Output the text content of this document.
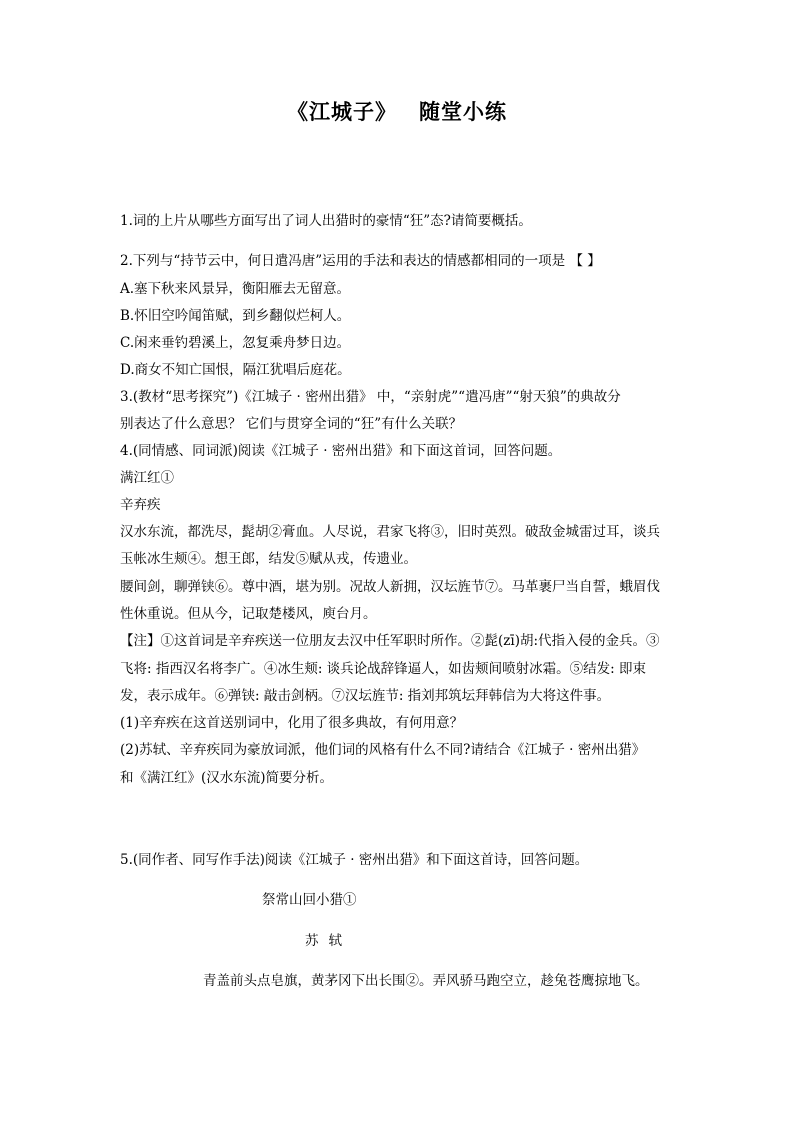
《江城子》 随堂小练
1.词的上片从哪些方面写出了词人出猎时的豪情“狂”态?请简要概括。
2.下列与“持节云中，何日遣冯唐”运用的手法和表达的情感都相同的一项是 【 】
A.塞下秋来风景异，衡阳雁去无留意。
B.怀旧空吟闻笛赋，到乡翻似烂柯人。
C.闲来垂钓碧溪上，忽复乘舟梦日边。
D.商女不知亡国恨，隔江犹唱后庭花。
3.(教材“思考探究”)《江城子 · 密州出猎》 中，“亲射虎”“遣冯唐”“射天狼”的典故分
别表达了什么意思？ 它们与贯穿全词的“狂”有什么关联？
4.(同情感、同词派)阅读《江城子 · 密州出猎》和下面这首词，回答问题。
满江红①
辛弃疾
汉水东流，都洗尽，髭胡②膏血。人尽说，君家飞将③，旧时英烈。破敌金城雷过耳，谈兵
玉帐冰生颊④。想王郎，结发⑤赋从戎，传遗业。
腰间剑，聊弹铗⑥。尊中酒，堪为别。况故人新拥，汉坛旌节⑦。马革裹尸当自誓，蛾眉伐
性休重说。但从今，记取楚楼风，庾台月。
【注】①这首词是辛弃疾送一位朋友去汉中任军职时所作。②髭(zī)胡:代指入侵的金兵。③
飞将: 指西汉名将李广。④冰生颊: 谈兵论战辞锋逼人，如齿颊间喷射冰霜。⑤结发: 即束
发，表示成年。⑥弹铗: 敲击剑柄。⑦汉坛旌节: 指刘邦筑坛拜韩信为大将这件事。
(1)辛弃疾在这首送别词中，化用了很多典故，有何用意？
(2)苏轼、辛弃疾同为豪放词派，他们词的风格有什么不同?请结合《江城子 · 密州出猎》
和《满江红》(汉水东流)简要分析。
5.(同作者、同写作手法)阅读《江城子 · 密州出猎》和下面这首诗，回答问题。
祭常山回小猎①
苏轼
青盖前头点皂旗，黄茅冈下出长围②。弄风骄马跑空立，趁兔苍鹰掠地飞。
